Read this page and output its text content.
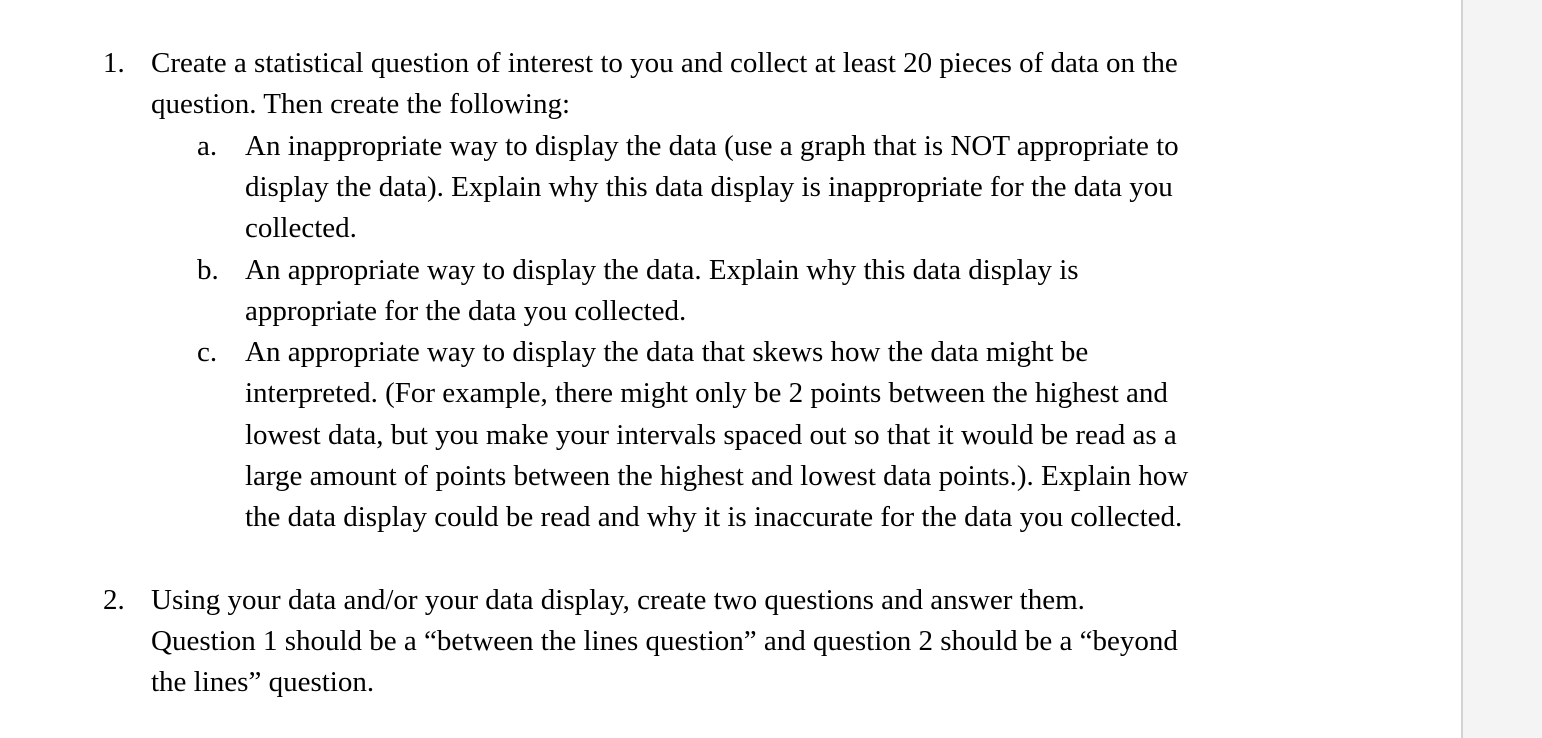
1. Create a statistical question of interest to you and collect at least 20 pieces of data on the
question. Then create the following:
a. An inappropriate way to display the data (use a graph that is NOT appropriate to
display the data). Explain why this data display is inappropriate for the data you
collected.
b. An appropriate way to display the data. Explain why this data display is
appropriate for the data you collected.
c. An appropriate way to display the data that skews how the data might be
interpreted. (For example, there might only be 2 points between the highest and
lowest data, but you make your intervals spaced out so that it would be read as a
large amount of points between the highest and lowest data points.). Explain how
the data display could be read and why it is inaccurate for the data you collected.
2. Using your data and/or your data display, create two questions and answer them.
Question 1 should be a “between the lines question” and question 2 should be a “beyond
the lines” question.
